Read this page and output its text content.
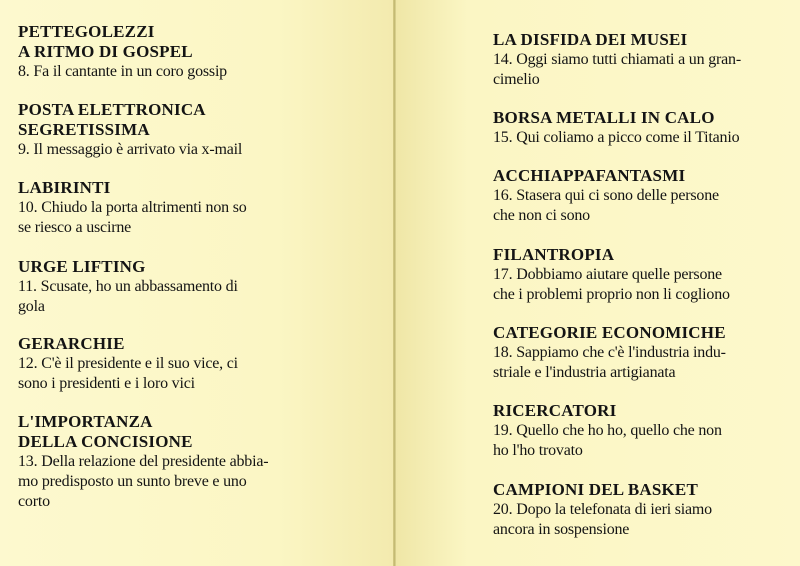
PETTEGOLEZZI
A RITMO DI GOSPEL

8. Fa il cantante in un coro gossip

POSTA ELETTRONICA
SEGRETISSIMA

9. Il messaggio è arrivato via x-mail

LABIRINTI

10. Chiudo la porta altrimenti non so
se riesco a uscirne

URGE LIFTING

11. Scusate, ho un abbassamento di
gola

GERARCHIE

12. C'è il presidente e il suo vice, ci
sono i presidenti e i loro vici

L'IMPORTANZA
DELLA CONCISIONE

13. Della relazione del presidente abbia-
mo predisposto un sunto breve e uno
corto

LA DISFIDA DEI MUSEI

14. Oggi siamo tutti chiamati a un gran-
cimelio

BORSA METALLI IN CALO

15. Qui coliamo a picco come il Titanio

ACCHIAPPAFANTASMI

16. Stasera qui ci sono delle persone
che non ci sono

FILANTROPIA

17. Dobbiamo aiutare quelle persone
che i problemi proprio non li cogliono

CATEGORIE ECONOMICHE

18. Sappiamo che c'è l'industria indu-
striale e l'industria artigianata

RICERCATORI

19. Quello che ho ho, quello che non
ho l'ho trovato

CAMPIONI DEL BASKET

20. Dopo la telefonata di ieri siamo
ancora in sospensione
